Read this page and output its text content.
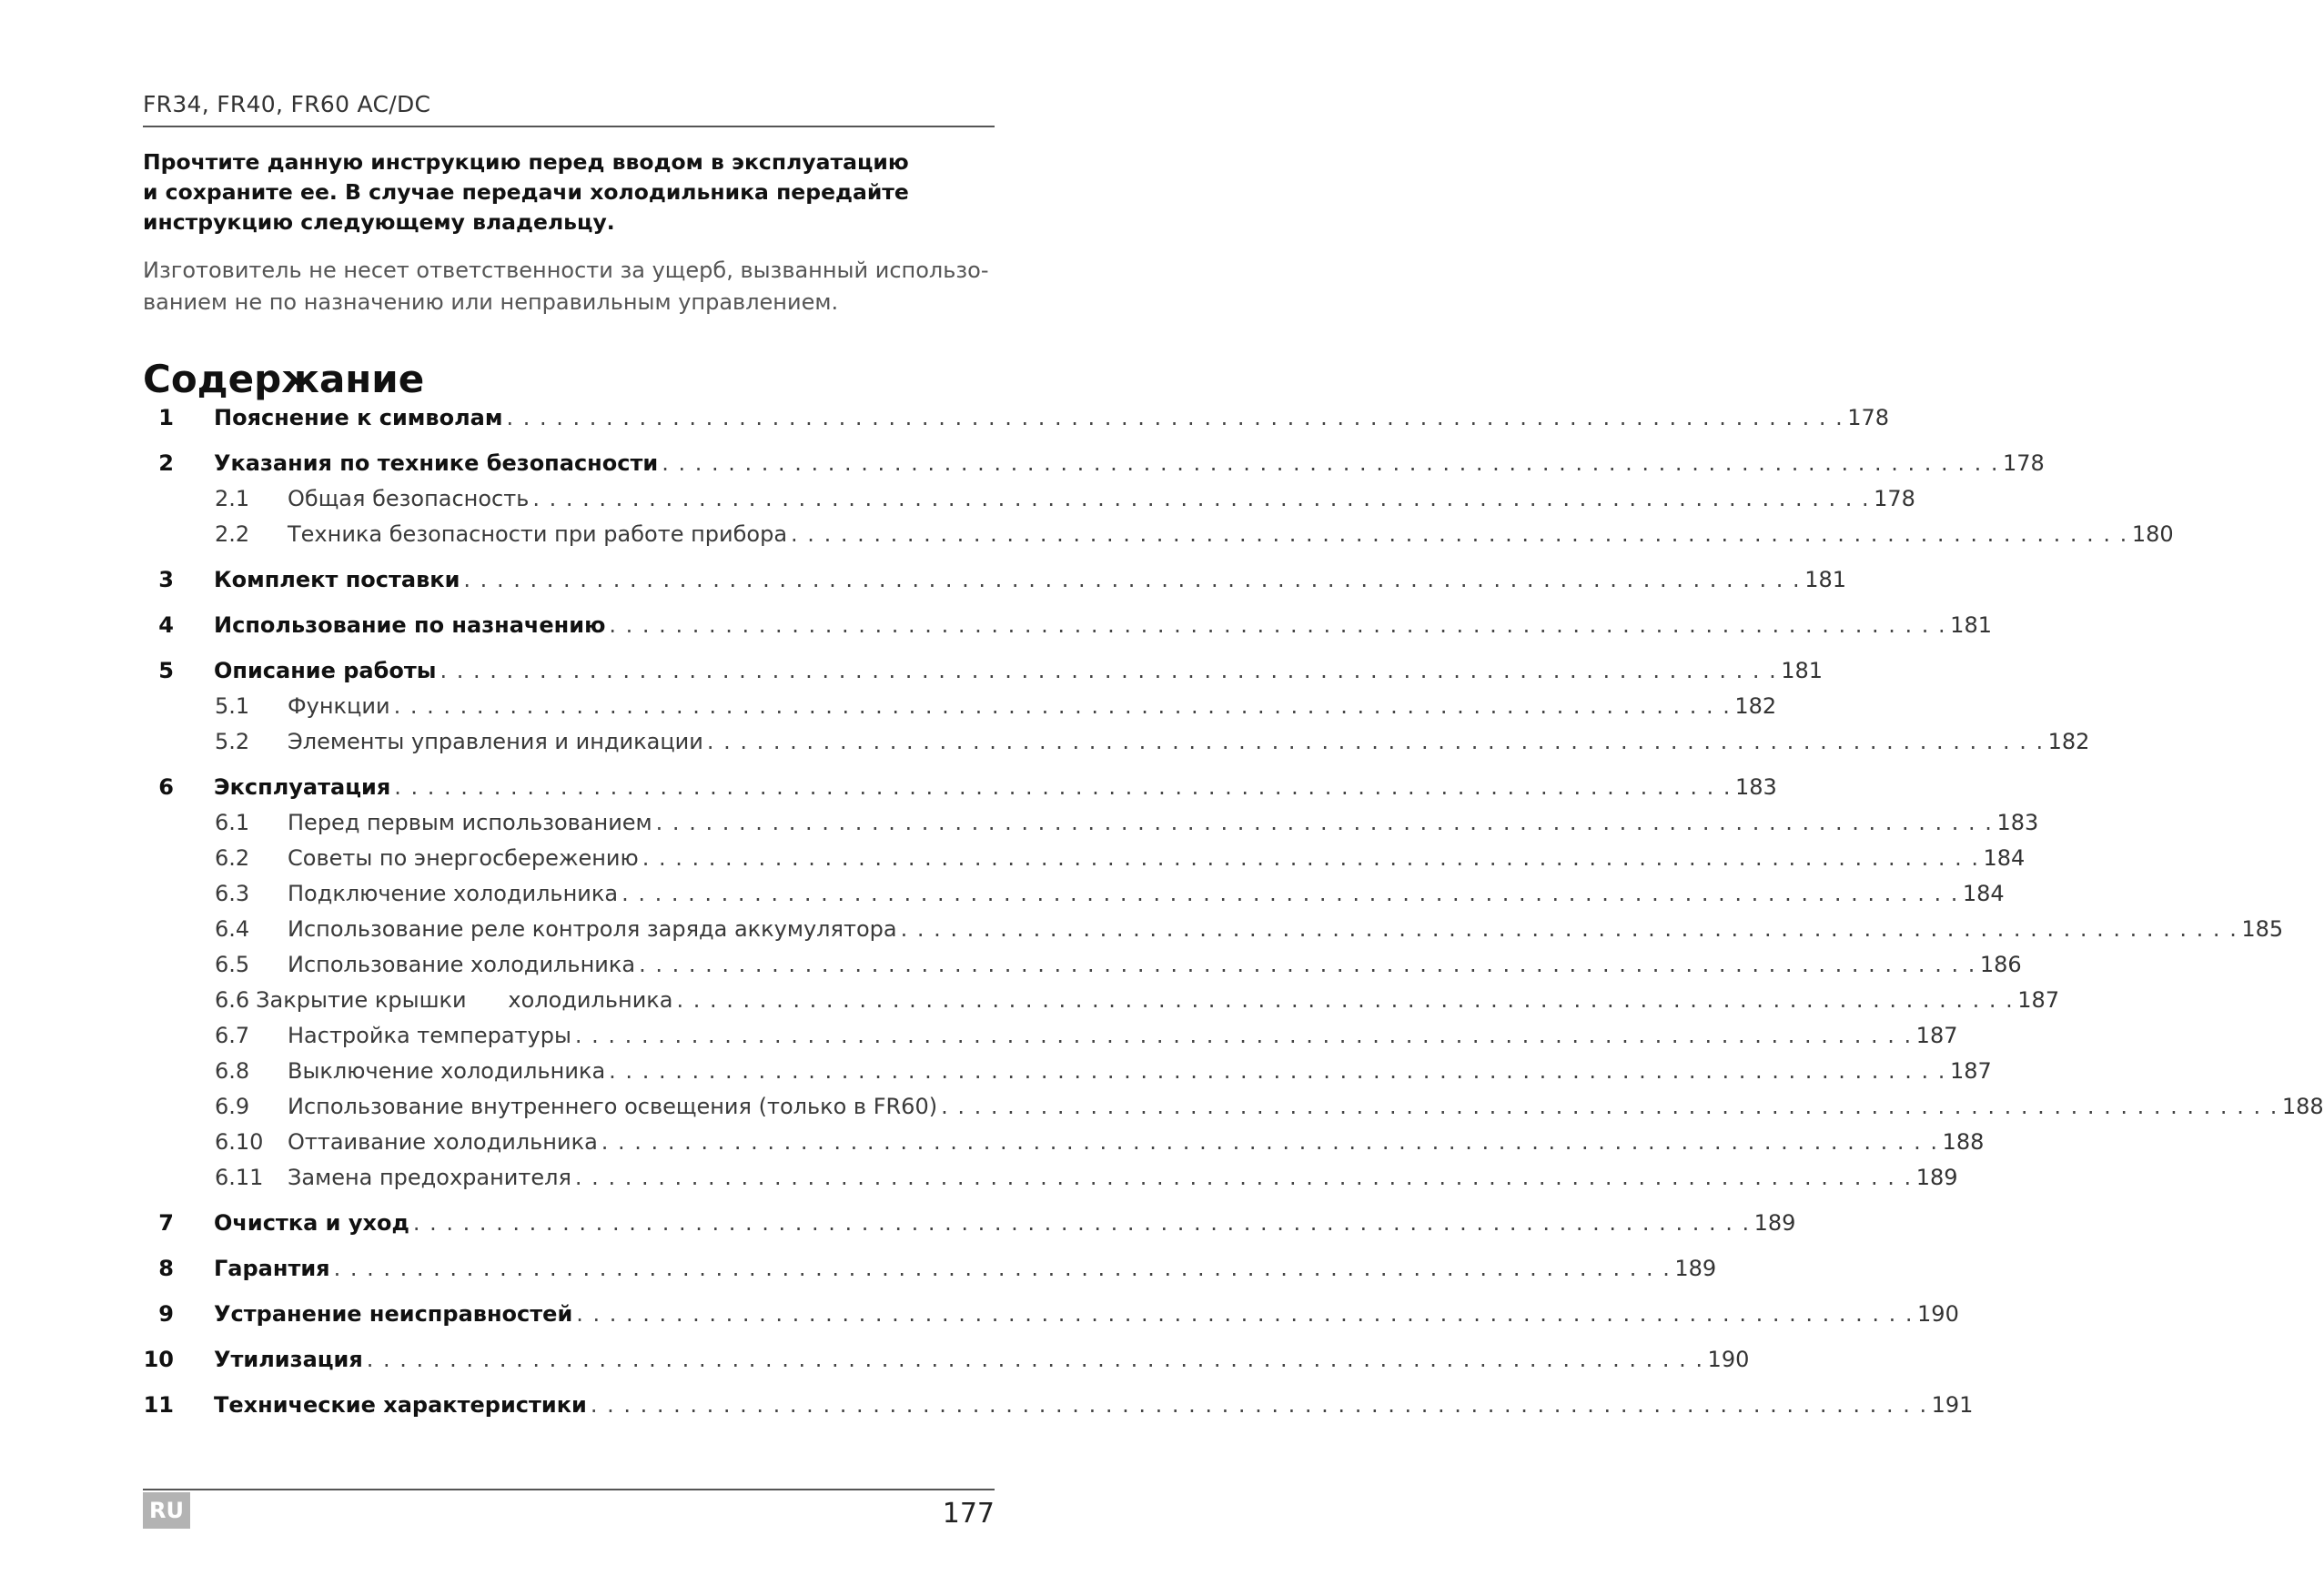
FR34, FR40, FR60 AC/DC
Прочтите данную инструкцию перед вводом в эксплуатацию
и сохраните ее. В случае передачи холодильника передайте
инструкцию следующему владельцу.
Изготовитель не несет ответственности за ущерб, вызванный использо-
ванием не по назначению или неправильным управлением.
Содержание
1 Пояснение к символам . . . . . . . . . . . . . . . . . . . . . . . . . . . . . . . . . . . . . . . . . . . . . . . . . . . . . . . . . . . . . . . . . . . . . . . . . . . . . . . . . 178
2 Указания по технике безопасности . . . . . . . . . . . . . . . . . . . . . . . . . . . . . . . . . . . . . . . . . . . . . . . . . . . . . . . . . . . . . . . . . . . . . . . . . . . . . . . . . 178
2.1	Общая безопасность . . . . . . . . . . . . . . . . . . . . . . . . . . . . . . . . . . . . . . . . . . . . . . . . . . . . . . . . . . . . . . . . . . . . . . . . . . . . . . . . . 178
2.2	Техника безопасности при работе прибора . . . . . . . . . . . . . . . . . . . . . . . . . . . . . . . . . . . . . . . . . . . . . . . . . . . . . . . . . . . . . . . . . . . . . . . . . . . . . . . . . 180
3 Комплект поставки . . . . . . . . . . . . . . . . . . . . . . . . . . . . . . . . . . . . . . . . . . . . . . . . . . . . . . . . . . . . . . . . . . . . . . . . . . . . . . . . . 181
4 Использование по назначению . . . . . . . . . . . . . . . . . . . . . . . . . . . . . . . . . . . . . . . . . . . . . . . . . . . . . . . . . . . . . . . . . . . . . . . . . . . . . . . . . 181
5 Описание работы . . . . . . . . . . . . . . . . . . . . . . . . . . . . . . . . . . . . . . . . . . . . . . . . . . . . . . . . . . . . . . . . . . . . . . . . . . . . . . . . . 181
5.1	Функции . . . . . . . . . . . . . . . . . . . . . . . . . . . . . . . . . . . . . . . . . . . . . . . . . . . . . . . . . . . . . . . . . . . . . . . . . . . . . . . . . 182
5.2	Элементы управления и индикации . . . . . . . . . . . . . . . . . . . . . . . . . . . . . . . . . . . . . . . . . . . . . . . . . . . . . . . . . . . . . . . . . . . . . . . . . . . . . . . . . 182
6 Эксплуатация . . . . . . . . . . . . . . . . . . . . . . . . . . . . . . . . . . . . . . . . . . . . . . . . . . . . . . . . . . . . . . . . . . . . . . . . . . . . . . . . . 183
6.1	Перед первым использованием . . . . . . . . . . . . . . . . . . . . . . . . . . . . . . . . . . . . . . . . . . . . . . . . . . . . . . . . . . . . . . . . . . . . . . . . . . . . . . . . . 183
6.2	Советы по энергосбережению . . . . . . . . . . . . . . . . . . . . . . . . . . . . . . . . . . . . . . . . . . . . . . . . . . . . . . . . . . . . . . . . . . . . . . . . . . . . . . . . . 184
6.3	Подключение холодильника . . . . . . . . . . . . . . . . . . . . . . . . . . . . . . . . . . . . . . . . . . . . . . . . . . . . . . . . . . . . . . . . . . . . . . . . . . . . . . . . . 184
6.4	Использование реле контроля заряда аккумулятора . . . . . . . . . . . . . . . . . . . . . . . . . . . . . . . . . . . . . . . . . . . . . . . . . . . . . . . . . . . . . . . . . . . . . . . . . . . . . . . . . 185
6.5	Использование холодильника . . . . . . . . . . . . . . . . . . . . . . . . . . . . . . . . . . . . . . . . . . . . . . . . . . . . . . . . . . . . . . . . . . . . . . . . . . . . . . . . . 186
6.6 Закрытие крышки      холодильника . . . . . . . . . . . . . . . . . . . . . . . . . . . . . . . . . . . . . . . . . . . . . . . . . . . . . . . . . . . . . . . . . . . . . . . . . . . . . . . . . 187
6.7	Настройка температуры . . . . . . . . . . . . . . . . . . . . . . . . . . . . . . . . . . . . . . . . . . . . . . . . . . . . . . . . . . . . . . . . . . . . . . . . . . . . . . . . . 187
6.8	Выключение холодильника . . . . . . . . . . . . . . . . . . . . . . . . . . . . . . . . . . . . . . . . . . . . . . . . . . . . . . . . . . . . . . . . . . . . . . . . . . . . . . . . . 187
6.9	Использование внутреннего освещения (только в FR60) . . . . . . . . . . . . . . . . . . . . . . . . . . . . . . . . . . . . . . . . . . . . . . . . . . . . . . . . . . . . . . . . . . . . . . . . . . . . . . . . . 188
6.10	Оттаивание холодильника . . . . . . . . . . . . . . . . . . . . . . . . . . . . . . . . . . . . . . . . . . . . . . . . . . . . . . . . . . . . . . . . . . . . . . . . . . . . . . . . . 188
6.11	Замена предохранителя . . . . . . . . . . . . . . . . . . . . . . . . . . . . . . . . . . . . . . . . . . . . . . . . . . . . . . . . . . . . . . . . . . . . . . . . . . . . . . . . . 189
7 Очистка и уход . . . . . . . . . . . . . . . . . . . . . . . . . . . . . . . . . . . . . . . . . . . . . . . . . . . . . . . . . . . . . . . . . . . . . . . . . . . . . . . . . 189
8 Гарантия . . . . . . . . . . . . . . . . . . . . . . . . . . . . . . . . . . . . . . . . . . . . . . . . . . . . . . . . . . . . . . . . . . . . . . . . . . . . . . . . . 189
9 Устранение неисправностей . . . . . . . . . . . . . . . . . . . . . . . . . . . . . . . . . . . . . . . . . . . . . . . . . . . . . . . . . . . . . . . . . . . . . . . . . . . . . . . . . 190
10 Утилизация . . . . . . . . . . . . . . . . . . . . . . . . . . . . . . . . . . . . . . . . . . . . . . . . . . . . . . . . . . . . . . . . . . . . . . . . . . . . . . . . . 190
11 Технические характеристики . . . . . . . . . . . . . . . . . . . . . . . . . . . . . . . . . . . . . . . . . . . . . . . . . . . . . . . . . . . . . . . . . . . . . . . . . . . . . . . . . 191
RU	177
